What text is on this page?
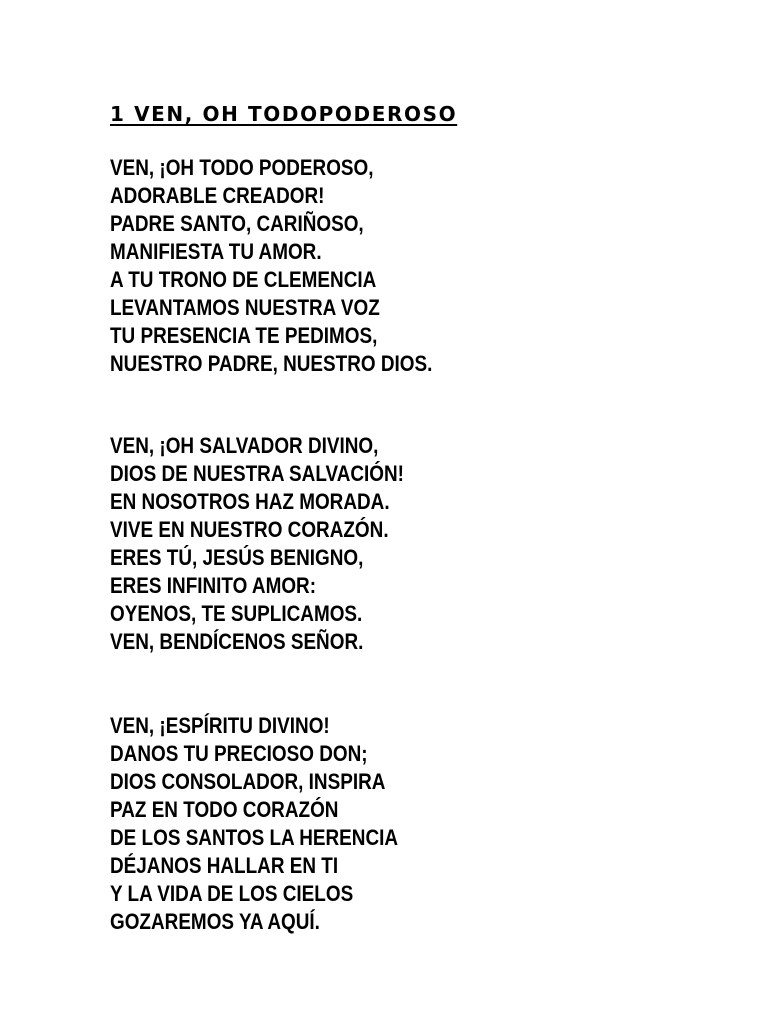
1 VEN, OH TODOPODEROSO
VEN, ¡OH TODO PODEROSO,
ADORABLE CREADOR!
PADRE SANTO, CARIÑOSO,
MANIFIESTA TU AMOR.
A TU TRONO DE CLEMENCIA
LEVANTAMOS NUESTRA VOZ
TU PRESENCIA TE PEDIMOS,
NUESTRO PADRE, NUESTRO DIOS.
VEN, ¡OH SALVADOR DIVINO,
DIOS DE NUESTRA SALVACIÓN!
EN NOSOTROS HAZ MORADA.
VIVE EN NUESTRO CORAZÓN.
ERES TÚ, JESÚS BENIGNO,
ERES INFINITO AMOR:
OYENOS, TE SUPLICAMOS.
VEN, BENDÍCENOS SEÑOR.
VEN, ¡ESPÍRITU DIVINO!
DANOS TU PRECIOSO DON;
DIOS CONSOLADOR, INSPIRA
PAZ EN TODO CORAZÓN
DE LOS SANTOS LA HERENCIA
DÉJANOS HALLAR EN TI
Y LA VIDA DE LOS CIELOS
GOZAREMOS YA AQUÍ.
